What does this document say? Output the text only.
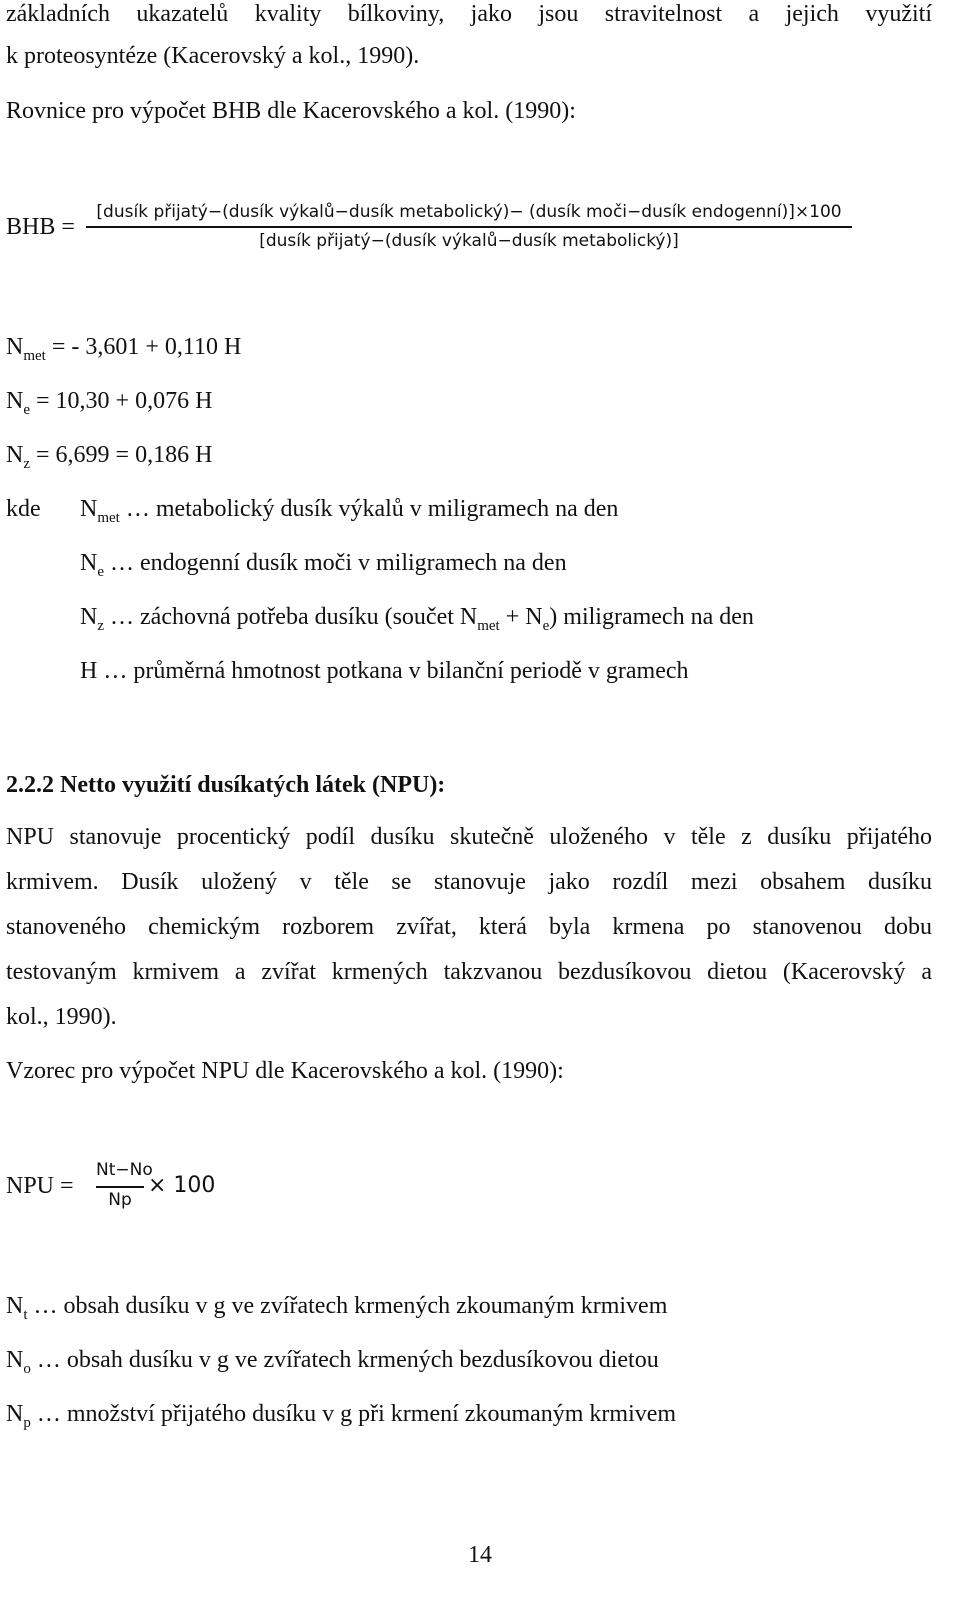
základních ukazatelů kvality bílkoviny, jako jsou stravitelnost a jejich využití
k proteosyntéze (Kacerovský a kol., 1990).
Rovnice pro výpočet BHB dle Kacerovského a kol. (1990):
BHB =
[dusík přijatý−(dusík výkalů−dusík metabolický)− (dusík moči−dusík endogenní)]×100
[dusík přijatý−(dusík výkalů−dusík metabolický)]
$N_{met}$ = - 3,601 + 0,110 H
$N_e = 10,30 + 0,076$ H
$N_z = 6,699 = 0,186$ H
kde $N_{met}$ … metabolický dusík výkalů v miligramech na den
$N_e$ … endogenní dusík moči v miligramech na den
$N_z$ … záchovná potřeba dusíku (součet $N_{met} + N_e$) miligramech na den
H … průměrná hmotnost potkana v bilanční periodě v gramech
2.2.2 Netto využití dusíkatých látek (NPU):
NPU stanovuje procentický podíl dusíku skutečně uloženého v těle z dusíku přijatého
krmivem. Dusík uložený v těle se stanovuje jako rozdíl mezi obsahem dusíku
stanoveného chemickým rozborem zvířat, která byla krmena po stanovenou dobu
testovaným krmivem a zvířat krmených takzvanou bezdusíkovou dietou (Kacerovský a
kol., 1990).
Vzorec pro výpočet NPU dle Kacerovského a kol. (1990):
NPU =
Nt−No
Np
× 100
$N_t$ … obsah dusíku v g ve zvířatech krmených zkoumaným krmivem
$N_o$ … obsah dusíku v g ve zvířatech krmených bezdusíkovou dietou
$N_p$ … množství přijatého dusíku v g při krmení zkoumaným krmivem
14
